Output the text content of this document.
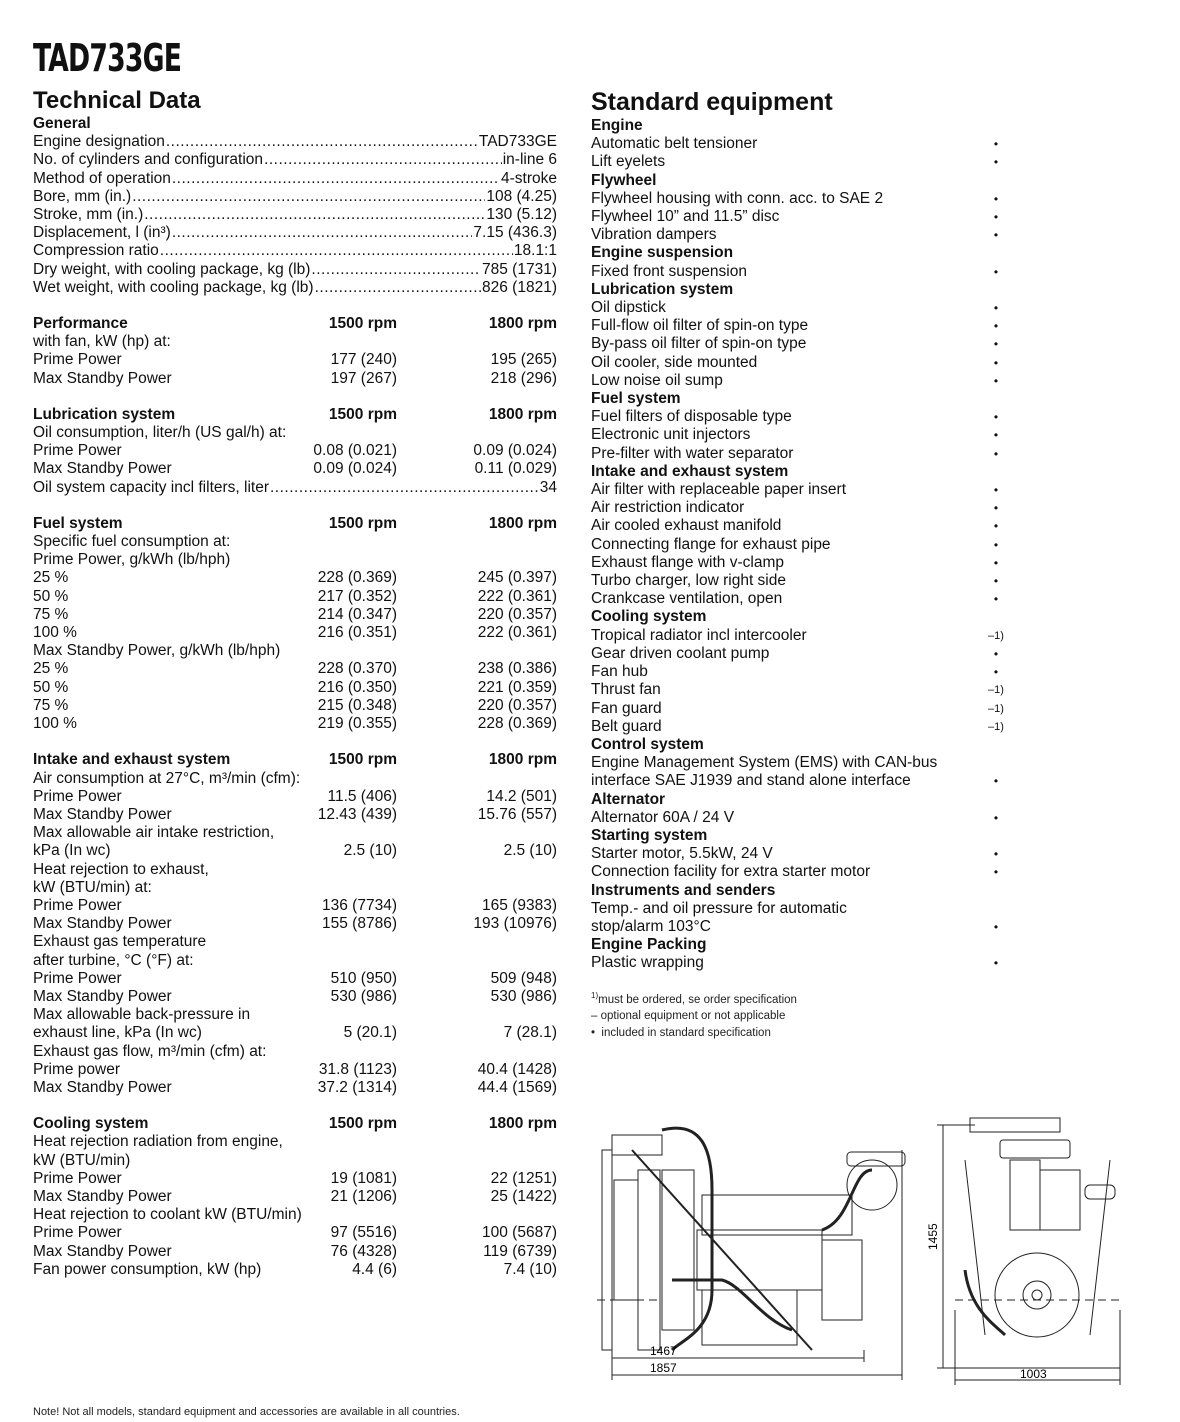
TAD733GE
Technical Data
General
Engine designation .....	TAD733GE
No. of cylinders and configuration .....	in-line 6
Method of operation .....	4-stroke
Bore, mm (in.) .....	108 (4.25)
Stroke, mm (in.) .....	130 (5.12)
Displacement, l (in³) .....	7.15 (436.3)
Compression ratio .....	18.1:1
Dry weight, with cooling package, kg (lb) .....	785 (1731)
Wet weight, with cooling package, kg (lb) .....	826 (1821)
Performance	1500 rpm	1800 rpm
with fan, kW (hp) at:
Prime Power	177 (240)	195 (265)
Max Standby Power	197 (267)	218 (296)
Lubrication system	1500 rpm	1800 rpm
Oil consumption, liter/h (US gal/h) at:
Prime Power	0.08 (0.021)	0.09 (0.024)
Max Standby Power	0.09 (0.024)	0.11 (0.029)
Oil system capacity incl filters, liter .....	34
Fuel system	1500 rpm	1800 rpm
Specific fuel consumption at:
Prime Power, g/kWh (lb/hph)
25 %	228 (0.369)	245 (0.397)
50 %	217 (0.352)	222 (0.361)
75 %	214 (0.347)	220 (0.357)
100 %	216 (0.351)	222 (0.361)
Max Standby Power, g/kWh (lb/hph)
25 %	228 (0.370)	238 (0.386)
50 %	216 (0.350)	221 (0.359)
75 %	215 (0.348)	220 (0.357)
100 %	219 (0.355)	228 (0.369)
Intake and exhaust system	1500 rpm	1800 rpm
Air consumption at 27°C, m³/min (cfm):
Prime Power	11.5 (406)	14.2 (501)
Max Standby Power	12.43 (439)	15.76 (557)
Max allowable air intake restriction,
kPa (In wc)	2.5 (10)	2.5 (10)
Heat rejection to exhaust,
kW (BTU/min) at:
Prime Power	136 (7734)	165 (9383)
Max Standby Power	155 (8786)	193 (10976)
Exhaust gas temperature
after turbine, °C (°F) at:
Prime Power	510 (950)	509 (948)
Max Standby Power	530 (986)	530 (986)
Max allowable back-pressure in
exhaust line, kPa (In wc)	5 (20.1)	7 (28.1)
Exhaust gas flow, m³/min (cfm) at:
Prime power	31.8 (1123)	40.4 (1428)
Max Standby Power	37.2 (1314)	44.4 (1569)
Cooling system	1500 rpm	1800 rpm
Heat rejection radiation from engine,
kW (BTU/min)
Prime Power	19 (1081)	22 (1251)
Max Standby Power	21 (1206)	25 (1422)
Heat rejection to coolant kW (BTU/min)
Prime Power	97 (5516)	100 (5687)
Max Standby Power	76 (4328)	119 (6739)
Fan power consumption, kW (hp)	4.4 (6)	7.4 (10)
Standard equipment
Engine
Automatic belt tensioner	•
Lift eyelets	•
Flywheel
Flywheel housing with conn. acc. to SAE 2	•
Flywheel 10” and 11.5” disc	•
Vibration dampers	•
Engine suspension
Fixed front suspension	•
Lubrication system
Oil dipstick	•
Full-flow oil filter of spin-on type	•
By-pass oil filter of spin-on type	•
Oil cooler, side mounted	•
Low noise oil sump	•
Fuel system
Fuel filters of disposable type	•
Electronic unit injectors	•
Pre-filter with water separator	•
Intake and exhaust system
Air filter with replaceable paper insert	•
Air restriction indicator	•
Air cooled exhaust manifold	•
Connecting flange for exhaust pipe	•
Exhaust flange with v-clamp	•
Turbo charger, low right side	•
Crankcase ventilation, open	•
Cooling system
Tropical radiator incl intercooler	–1)
Gear driven coolant pump	•
Fan hub	•
Thrust fan	–1)
Fan guard	–1)
Belt guard	–1)
Control system
Engine Management System (EMS) with CAN-bus
interface SAE J1939 and stand alone interface	•
Alternator
Alternator 60A / 24 V	•
Starting system
Starter motor, 5.5kW, 24 V	•
Connection facility for extra starter motor	•
Instruments and senders
Temp.- and oil pressure for automatic
stop/alarm 103°C	•
Engine Packing
Plastic wrapping	•
$^{1)}$must be ordered, se order specification
– optional equipment or not applicable
• included in standard specification
1467
1857
1455
1003
Note! Not all models, standard equipment and accessories are available in all countries.
